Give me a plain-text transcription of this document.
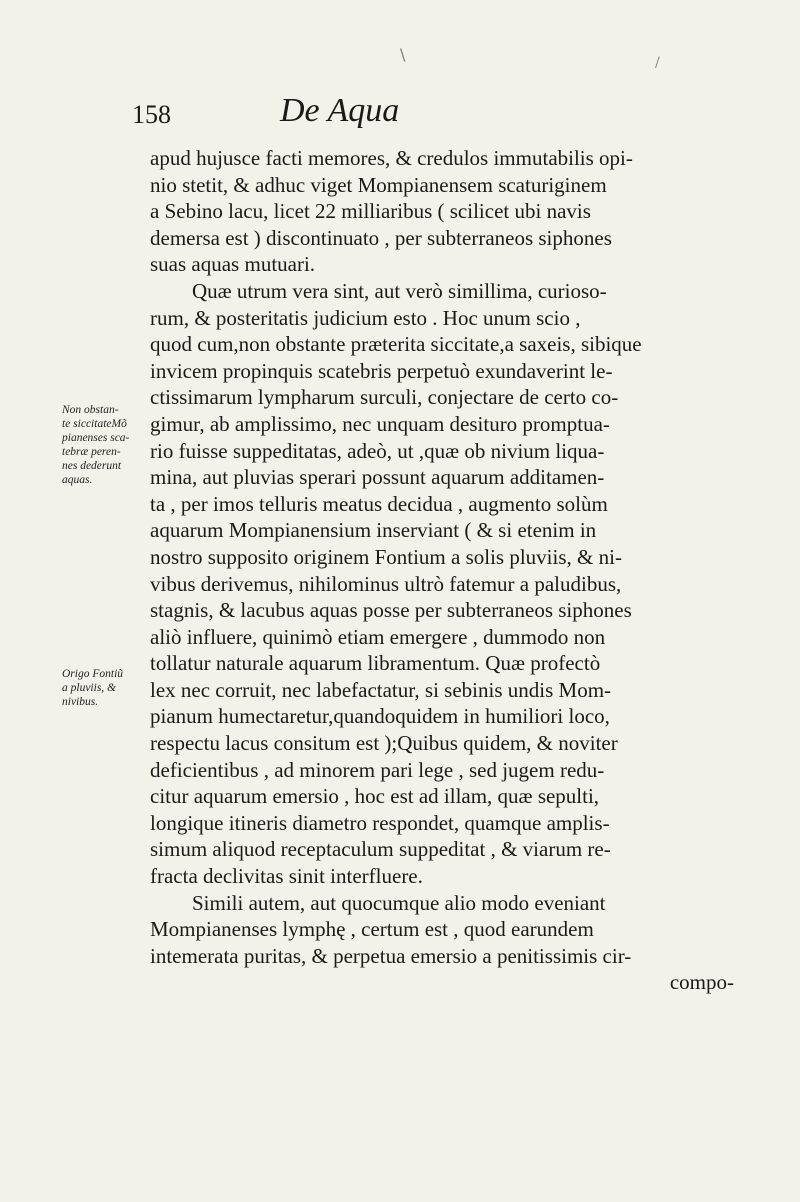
\	/
158	De Aqua
Non obstan-
te siccitateMõ
pianenses sca-
tebræ peren-
nes dederunt
aquas.
Origo Fontiũ
a pluviis, &
nivibus.
apud hujusce facti memores, & credulos immutabilis opi-
nio stetit, & adhuc viget Mompianensem scaturiginem
a Sebino lacu, licet 22 milliaribus ( scilicet ubi navis
demersa est ) discontinuato , per subterraneos siphones
suas aquas mutuari.
Quæ utrum vera sint, aut verò simillima, curioso-
rum, & posteritatis judicium esto . Hoc unum scio ,
quod cum,non obstante præterita siccitate,a saxeis, sibique
invicem propinquis scatebris perpetuò exundaverint le-
ctissimarum lympharum surculi, conjectare de certo co-
gimur, ab amplissimo, nec unquam desituro promptua-
rio fuisse suppeditatas, adeò, ut ,quæ ob nivium liqua-
mina, aut pluvias sperari possunt aquarum additamen-
ta , per imos telluris meatus decidua , augmento solùm
aquarum Mompianensium inserviant ( & si etenim in
nostro supposito originem Fontium a solis pluviis, & ni-
vibus derivemus, nihilominus ultrò fatemur a paludibus,
stagnis, & lacubus aquas posse per subterraneos siphones
aliò influere, quinimò etiam emergere , dummodo non
tollatur naturale aquarum libramentum. Quæ profectò
lex nec corruit, nec labefactatur, si sebinis undis Mom-
pianum humectaretur,quandoquidem in humiliori loco,
respectu lacus consitum est );Quibus quidem, & noviter
deficientibus , ad minorem pari lege , sed jugem redu-
citur aquarum emersio , hoc est ad illam, quæ sepulti,
longique itineris diametro respondet, quamque amplis-
simum aliquod receptaculum suppeditat , & viarum re-
fracta declivitas sinit interfluere.
Simili autem, aut quocumque alio modo eveniant
Mompianenses lymphę , certum est , quod earundem
intemerata puritas, & perpetua emersio a penitissimis cir-
compo-
